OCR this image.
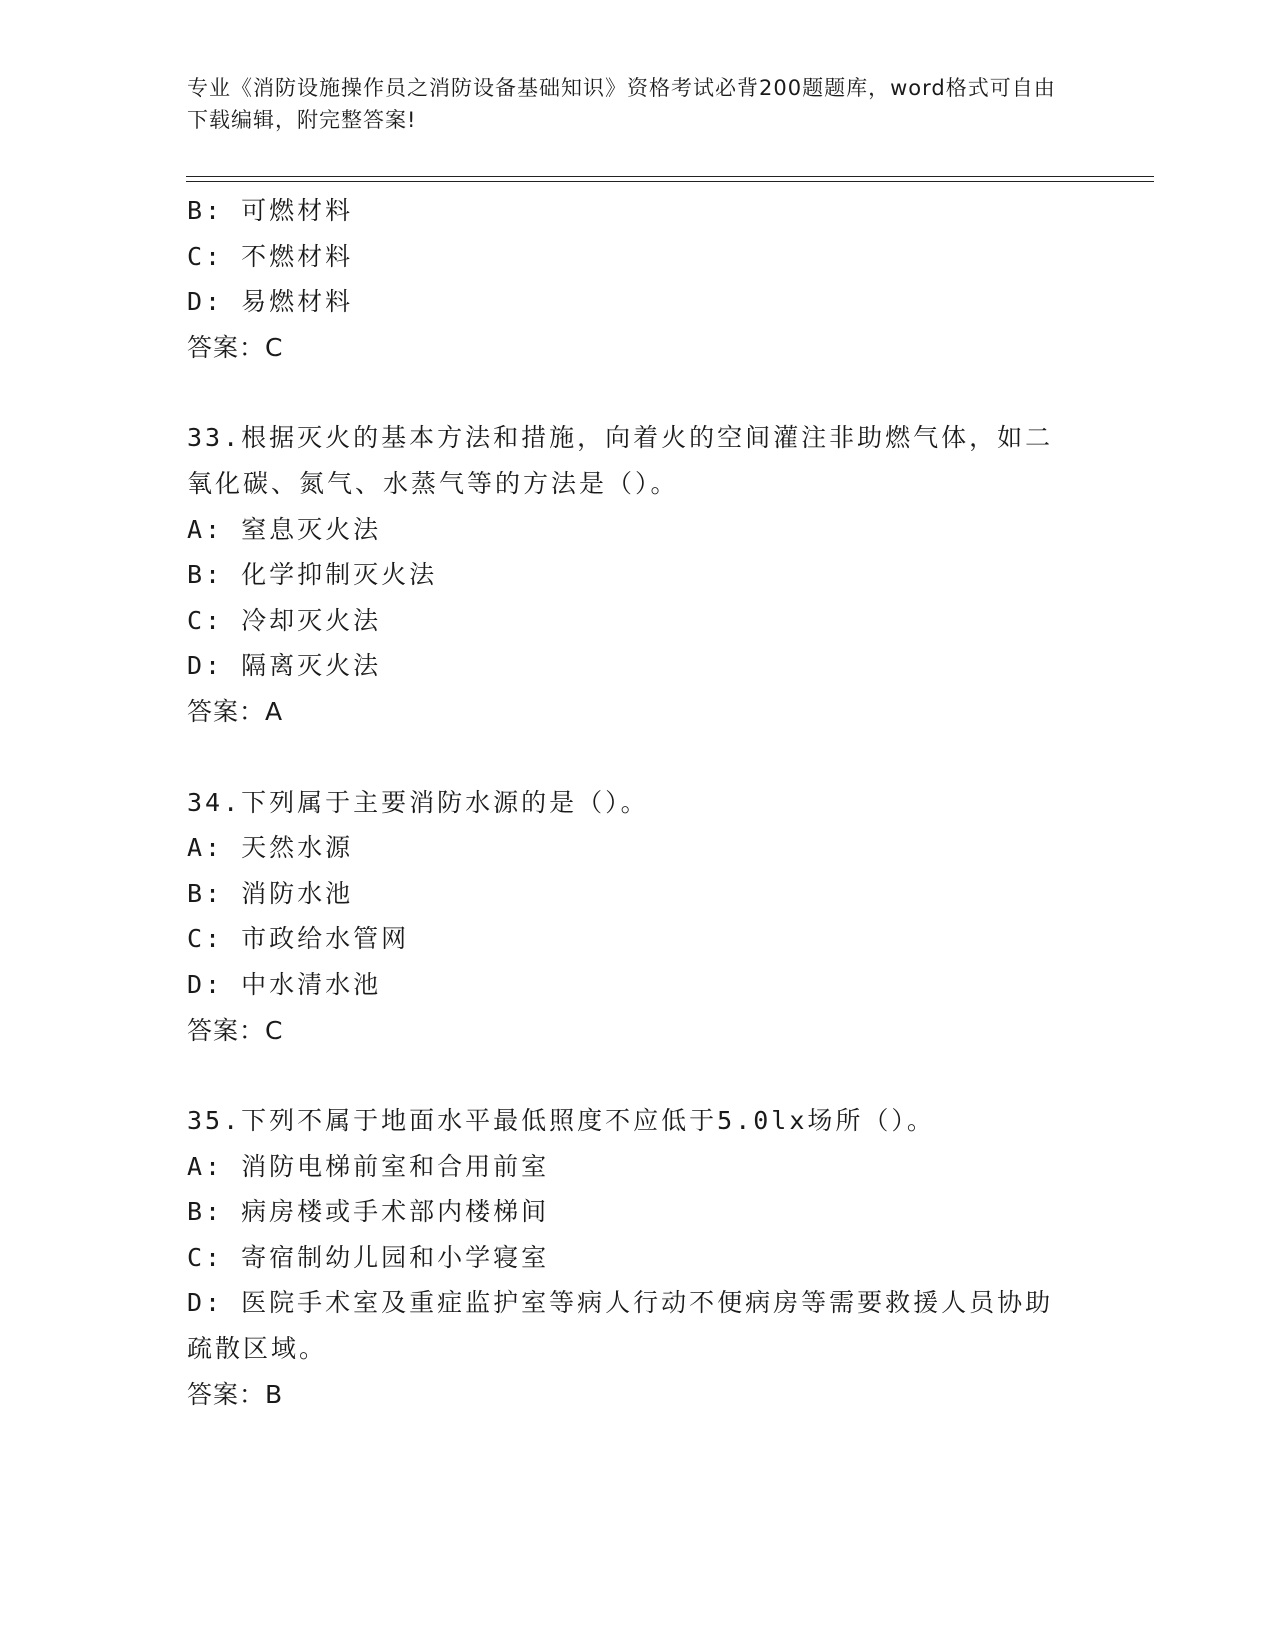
专业《消防设施操作员之消防设备基础知识》资格考试必背200题题库，word格式可自由下载编辑，附完整答案!
B: 可燃材料
C: 不燃材料
D: 易燃材料
答案：C
33.根据灭火的基本方法和措施，向着火的空间灌注非助燃气体，如二氧化碳、氮气、水蒸气等的方法是（）。
A: 窒息灭火法
B: 化学抑制灭火法
C: 冷却灭火法
D: 隔离灭火法
答案：A
34.下列属于主要消防水源的是（）。
A: 天然水源
B: 消防水池
C: 市政给水管网
D: 中水清水池
答案：C
35.下列不属于地面水平最低照度不应低于5.0lx场所（）。
A: 消防电梯前室和合用前室
B: 病房楼或手术部内楼梯间
C: 寄宿制幼儿园和小学寝室
D: 医院手术室及重症监护室等病人行动不便病房等需要救援人员协助疏散区域。
答案：B
